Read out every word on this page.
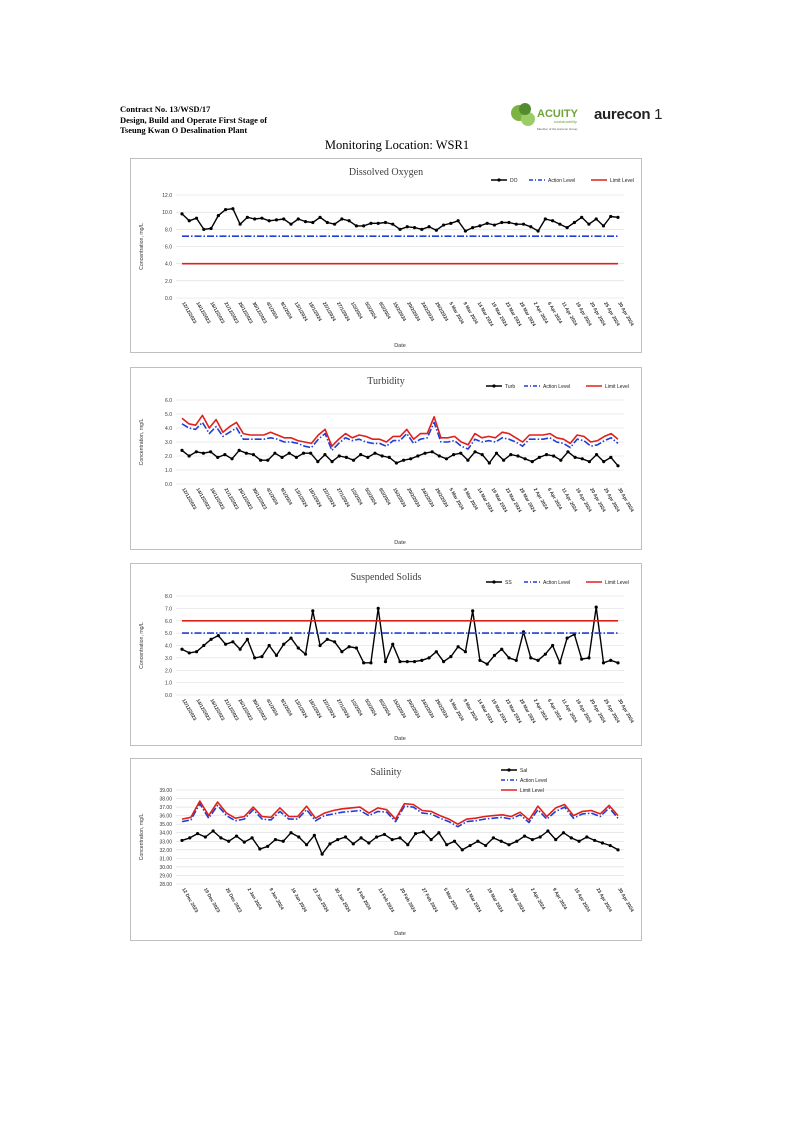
Contract No. 13/WSD/17
Design, Build and Operate First Stage of
Tseung Kwan O Desalination Plant
ACUITY
sustainability
Member of the Aurecon Group
aurecon 1
Monitoring Location: WSR1
Dissolved Oxygen
12.0
10.0
8.0
6.0
4.0
2.0
0.0
Concentration, mg/L
12/12/2023
14/12/2023
16/12/2023
21/12/2023
26/12/2023
30/12/2023
4/1/2024 9/1/2024 13/1/2024 18/1/2024 22/1/2024 27/1/2024 1/2/2024 5/2/2024 9/2/2024 15/2/2024 20/2/2024 24/2/2024 29/2/2024 5 Mar 2024
9 Mar 2024
14 Mar 2024
19 Mar 2024
23 Mar 2024
28 Mar 2024
2 Apr 2024
6 Apr 2024
11 Apr 2024
16 Apr 2024
20 Apr 2024
25 Apr 2024
30 Apr 2024
Date
DO	Action Level	Limit Level
Turbidity
6.0
5.0
4.0
3.0
2.0
1.0
0.0
Concentration, mg/L
12/12/2023
14/12/2023
16/12/2023
21/12/2023
26/12/2023
30/12/2023
4/1/2024 9/1/2024 13/1/2024 18/1/2024 22/1/2024 27/1/2024 1/2/2024 5/2/2024 9/2/2024 15/2/2024 20/2/2024 24/2/2024 29/2/2024 5 Mar 2024
9 Mar 2024
14 Mar 2024
19 Mar 2024
23 Mar 2024
28 Mar 2024
2 Apr 2024
6 Apr 2024
11 Apr 2024
16 Apr 2024
20 Apr 2024
25 Apr 2024
30 Apr 2024
Date
Turb	Action Level	Limit Level
Suspended Solids
8.0
7.0
6.0
5.0
4.0
3.0
2.0
1.0
0.0
Concentration, mg/L
12/12/2023
14/12/2023
16/12/2023
21/12/2023
26/12/2023
30/12/2023
4/1/2024 9/1/2024 13/1/2024 18/1/2024 22/1/2024 27/1/2024 1/2/2024 5/2/2024 9/2/2024 15/2/2024 20/2/2024 24/2/2024 29/2/2024 5 Mar 2024
9 Mar 2024
14 Mar 2024
19 Mar 2024
23 Mar 2024
28 Mar 2024
2 Apr 2024
6 Apr 2024
11 Apr 2024
16 Apr 2024
20 Apr 2024
25 Apr 2024
30 Apr 2024
Date
SS	Action Level	Limit Level
Salinity
39.00
38.00
37.00
36.00
35.00
34.00
33.00
32.00
31.00
30.00
29.00
28.00
Concentration, mg/L
12 Dec 2023 19 Dec 2023 26 Dec 2023 2 Jan 2024 9 Jan 2024 16 Jan 2024 23 Jan 2024 30 Jan 2024 6 Feb 2024 13 Feb 2024 20 Feb 2024 27 Feb 2024 5 Mar 2024 12 Mar 2024 19 Mar 2024 26 Mar 2024 2 Apr 2024 9 Apr 2024 16 Apr 2024 23 Apr 2024 30 Apr 2024
Date
Sal
Action Level
Limit Level
